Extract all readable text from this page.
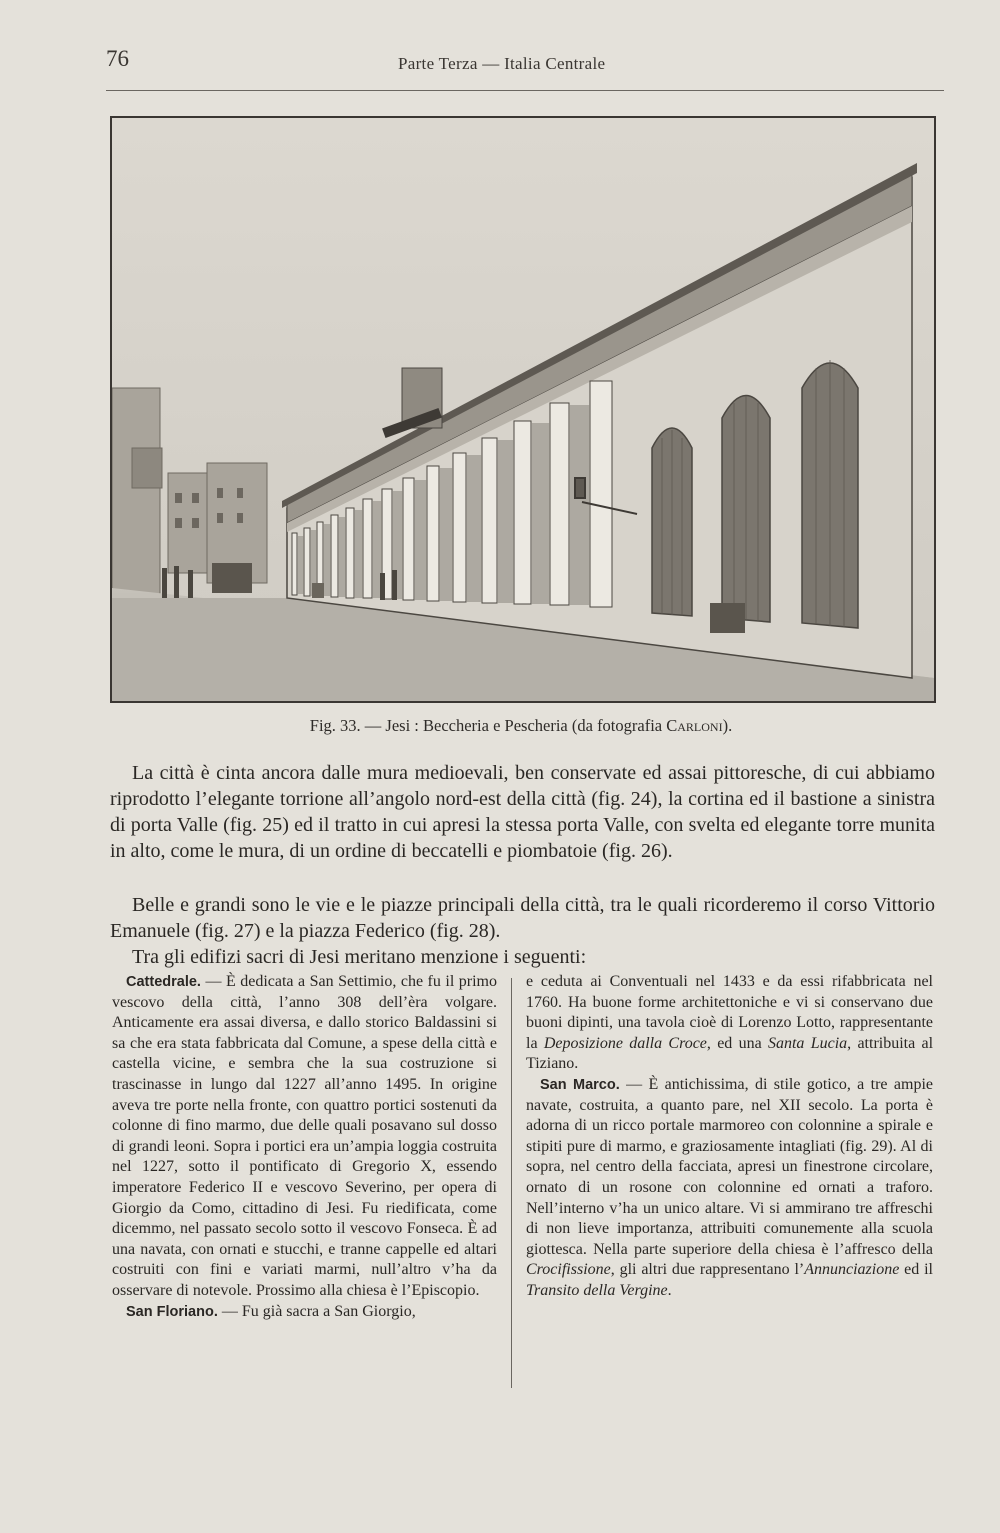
76	Parte Terza — Italia Centrale
Fig. 33. — Jesi : Beccheria e Pescheria (da fotografia Carloni).

La città è cinta ancora dalle mura medioevali, ben conservate ed assai pittoresche, di cui abbiamo riprodotto l’elegante torrione all’angolo nord-est della città (fig. 24), la cortina ed il bastione a sinistra di porta Valle (fig. 25) ed il tratto in cui apresi la stessa porta Valle, con svelta ed elegante torre munita in alto, come le mura, di un ordine di beccatelli e piombatoie (fig. 26).

Belle e grandi sono le vie e le piazze principali della città, tra le quali ricorderemo il corso Vittorio Emanuele (fig. 27) e la piazza Federico (fig. 28).

Tra gli edifizi sacri di Jesi meritano menzione i seguenti:

Cattedrale. — È dedicata a San Settimio, che fu il primo vescovo della città, l’anno 308 dell’èra volgare. Anticamente era assai diversa, e dallo storico Baldassini si sa che era stata fabbricata dal Comune, a spese della città e castella vicine, e sembra che la sua costruzione si trascinasse in lungo dal 1227 all’anno 1495. In origine aveva tre porte nella fronte, con quattro portici sostenuti da colonne di fino marmo, due delle quali posavano sul dosso di grandi leoni. Sopra i portici era un’ampia loggia costruita nel 1227, sotto il pontificato di Gregorio X, essendo imperatore Federico II e vescovo Severino, per opera di Giorgio da Como, cittadino di Jesi. Fu riedificata, come dicemmo, nel passato secolo sotto il vescovo Fonseca. È ad una navata, con ornati e stucchi, e tranne cappelle ed altari costruiti con fini e variati marmi, null’altro v’ha da osservare di notevole. Prossimo alla chiesa è l’Episcopio.

San Floriano. — Fu già sacra a San Giorgio,

e ceduta ai Conventuali nel 1433 e da essi rifabbricata nel 1760. Ha buone forme architettoniche e vi si conservano due buoni dipinti, una tavola cioè di Lorenzo Lotto, rappresentante la Deposizione dalla Croce, ed una Santa Lucia, attribuita al Tiziano.

San Marco. — È antichissima, di stile gotico, a tre ampie navate, costruita, a quanto pare, nel XII secolo. La porta è adorna di un ricco portale marmoreo con colonnine a spirale e stipiti pure di marmo, e graziosamente intagliati (fig. 29). Al di sopra, nel centro della facciata, apresi un finestrone circolare, ornato di un rosone con colonnine ed ornati a traforo. Nell’interno v’ha un unico altare. Vi si ammirano tre affreschi di non lieve importanza, attribuiti comunemente alla scuola giottesca. Nella parte superiore della chiesa è l’affresco della Crocifissione, gli altri due rappresentano l’Annunciazione ed il Transito della Vergine.
